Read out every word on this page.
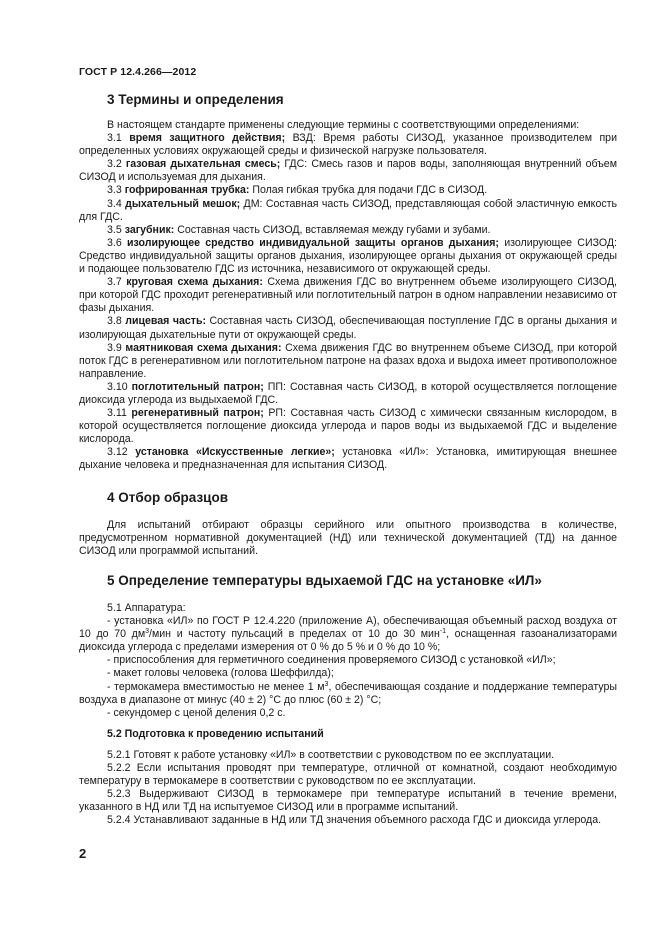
ГОСТ Р 12.4.266—2012
3 Термины и определения

В настоящем стандарте применены следующие термины с соответствующими определениями:

3.1 время защитного действия; ВЗД: Время работы СИЗОД, указанное производителем при определенных условиях окружающей среды и физической нагрузке пользователя.

3.2 газовая дыхательная смесь; ГДС: Смесь газов и паров воды, заполняющая внутренний объем СИЗОД и используемая для дыхания.

3.3 гофрированная трубка: Полая гибкая трубка для подачи ГДС в СИЗОД.

3.4 дыхательный мешок; ДМ: Составная часть СИЗОД, представляющая собой эластичную емкость для ГДС.

3.5 загубник: Составная часть СИЗОД, вставляемая между губами и зубами.

3.6 изолирующее средство индивидуальной защиты органов дыхания; изолирующее СИЗОД: Средство индивидуальной защиты органов дыхания, изолирующее органы дыхания от окружающей среды и подающее пользователю ГДС из источника, независимого от окружающей среды.

3.7 круговая схема дыхания: Схема движения ГДС во внутреннем объеме изолирующего СИЗОД, при которой ГДС проходит регенеративный или поглотительный патрон в одном направлении независимо от фазы дыхания.

3.8 лицевая часть: Составная часть СИЗОД, обеспечивающая поступление ГДС в органы дыхания и изолирующая дыхательные пути от окружающей среды.

3.9 маятниковая схема дыхания: Схема движения ГДС во внутреннем объеме СИЗОД, при которой поток ГДС в регенеративном или поглотительном патроне на фазах вдоха и выдоха имеет противоположное направление.

3.10 поглотительный патрон; ПП: Составная часть СИЗОД, в которой осуществляется поглощение диоксида углерода из выдыхаемой ГДС.

3.11 регенеративный патрон; РП: Составная часть СИЗОД с химически связанным кислородом, в которой осуществляется поглощение диоксида углерода и паров воды из выдыхаемой ГДС и выделение кислорода.

3.12 установка «Искусственные легкие»; установка «ИЛ»: Установка, имитирующая внешнее дыхание человека и предназначенная для испытания СИЗОД.

4 Отбор образцов

Для испытаний отбирают образцы серийного или опытного производства в количестве, предусмотренном нормативной документацией (НД) или технической документацией (ТД) на данное СИЗОД или программой испытаний.

5 Определение температуры вдыхаемой ГДС на установке «ИЛ»

5.1 Аппаратура:

- установка «ИЛ» по ГОСТ Р 12.4.220 (приложение А), обеспечивающая объемный расход воздуха от 10 до 70 $дм^3$/мин и частоту пульсаций в пределах от 10 до 30 мин$^{-1}$, оснащенная газоанализаторами диоксида углерода с пределами измерения от 0 % до 5 % и 0 % до 10 %;

- приспособления для герметичного соединения проверяемого СИЗОД с установкой «ИЛ»;

- макет головы человека (голова Шеффилда);

- термокамера вместимостью не менее 1 $м^3$, обеспечивающая создание и поддержание температуры воздуха в диапазоне от минус (40 ± 2) °С до плюс (60 ± 2) °С;

- секундомер с ценой деления 0,2 с.

5.2 Подготовка к проведению испытаний

5.2.1 Готовят к работе установку «ИЛ» в соответствии с руководством по ее эксплуатации.

5.2.2 Если испытания проводят при температуре, отличной от комнатной, создают необходимую температуру в термокамере в соответствии с руководством по ее эксплуатации.

5.2.3 Выдерживают СИЗОД в термокамере при температуре испытаний в течение времени, указанного в НД или ТД на испытуемое СИЗОД или в программе испытаний.

5.2.4 Устанавливают заданные в НД или ТД значения объемного расхода ГДС и диоксида углерода.

2
